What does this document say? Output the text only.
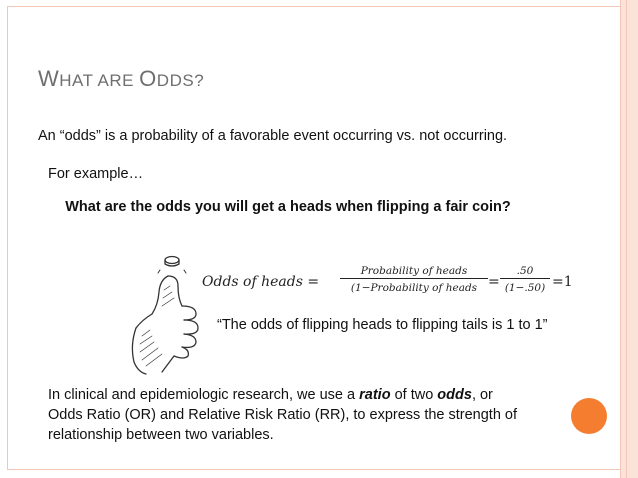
WHAT ARE ODDS?
An “odds” is a probability of a favorable event occurring vs. not occurring.
For example…
What are the odds you will get a heads when flipping a fair coin?
Odds of heads =
Probability of heads
(1−Probability of heads = $\frac{.50}{(1-.50)} =1$
“The odds of flipping heads to flipping tails is 1 to 1”
In clinical and epidemiologic research, we use a ratio of two odds, or Odds Ratio (OR) and Relative Risk Ratio (RR), to express the strength of relationship between two variables.
